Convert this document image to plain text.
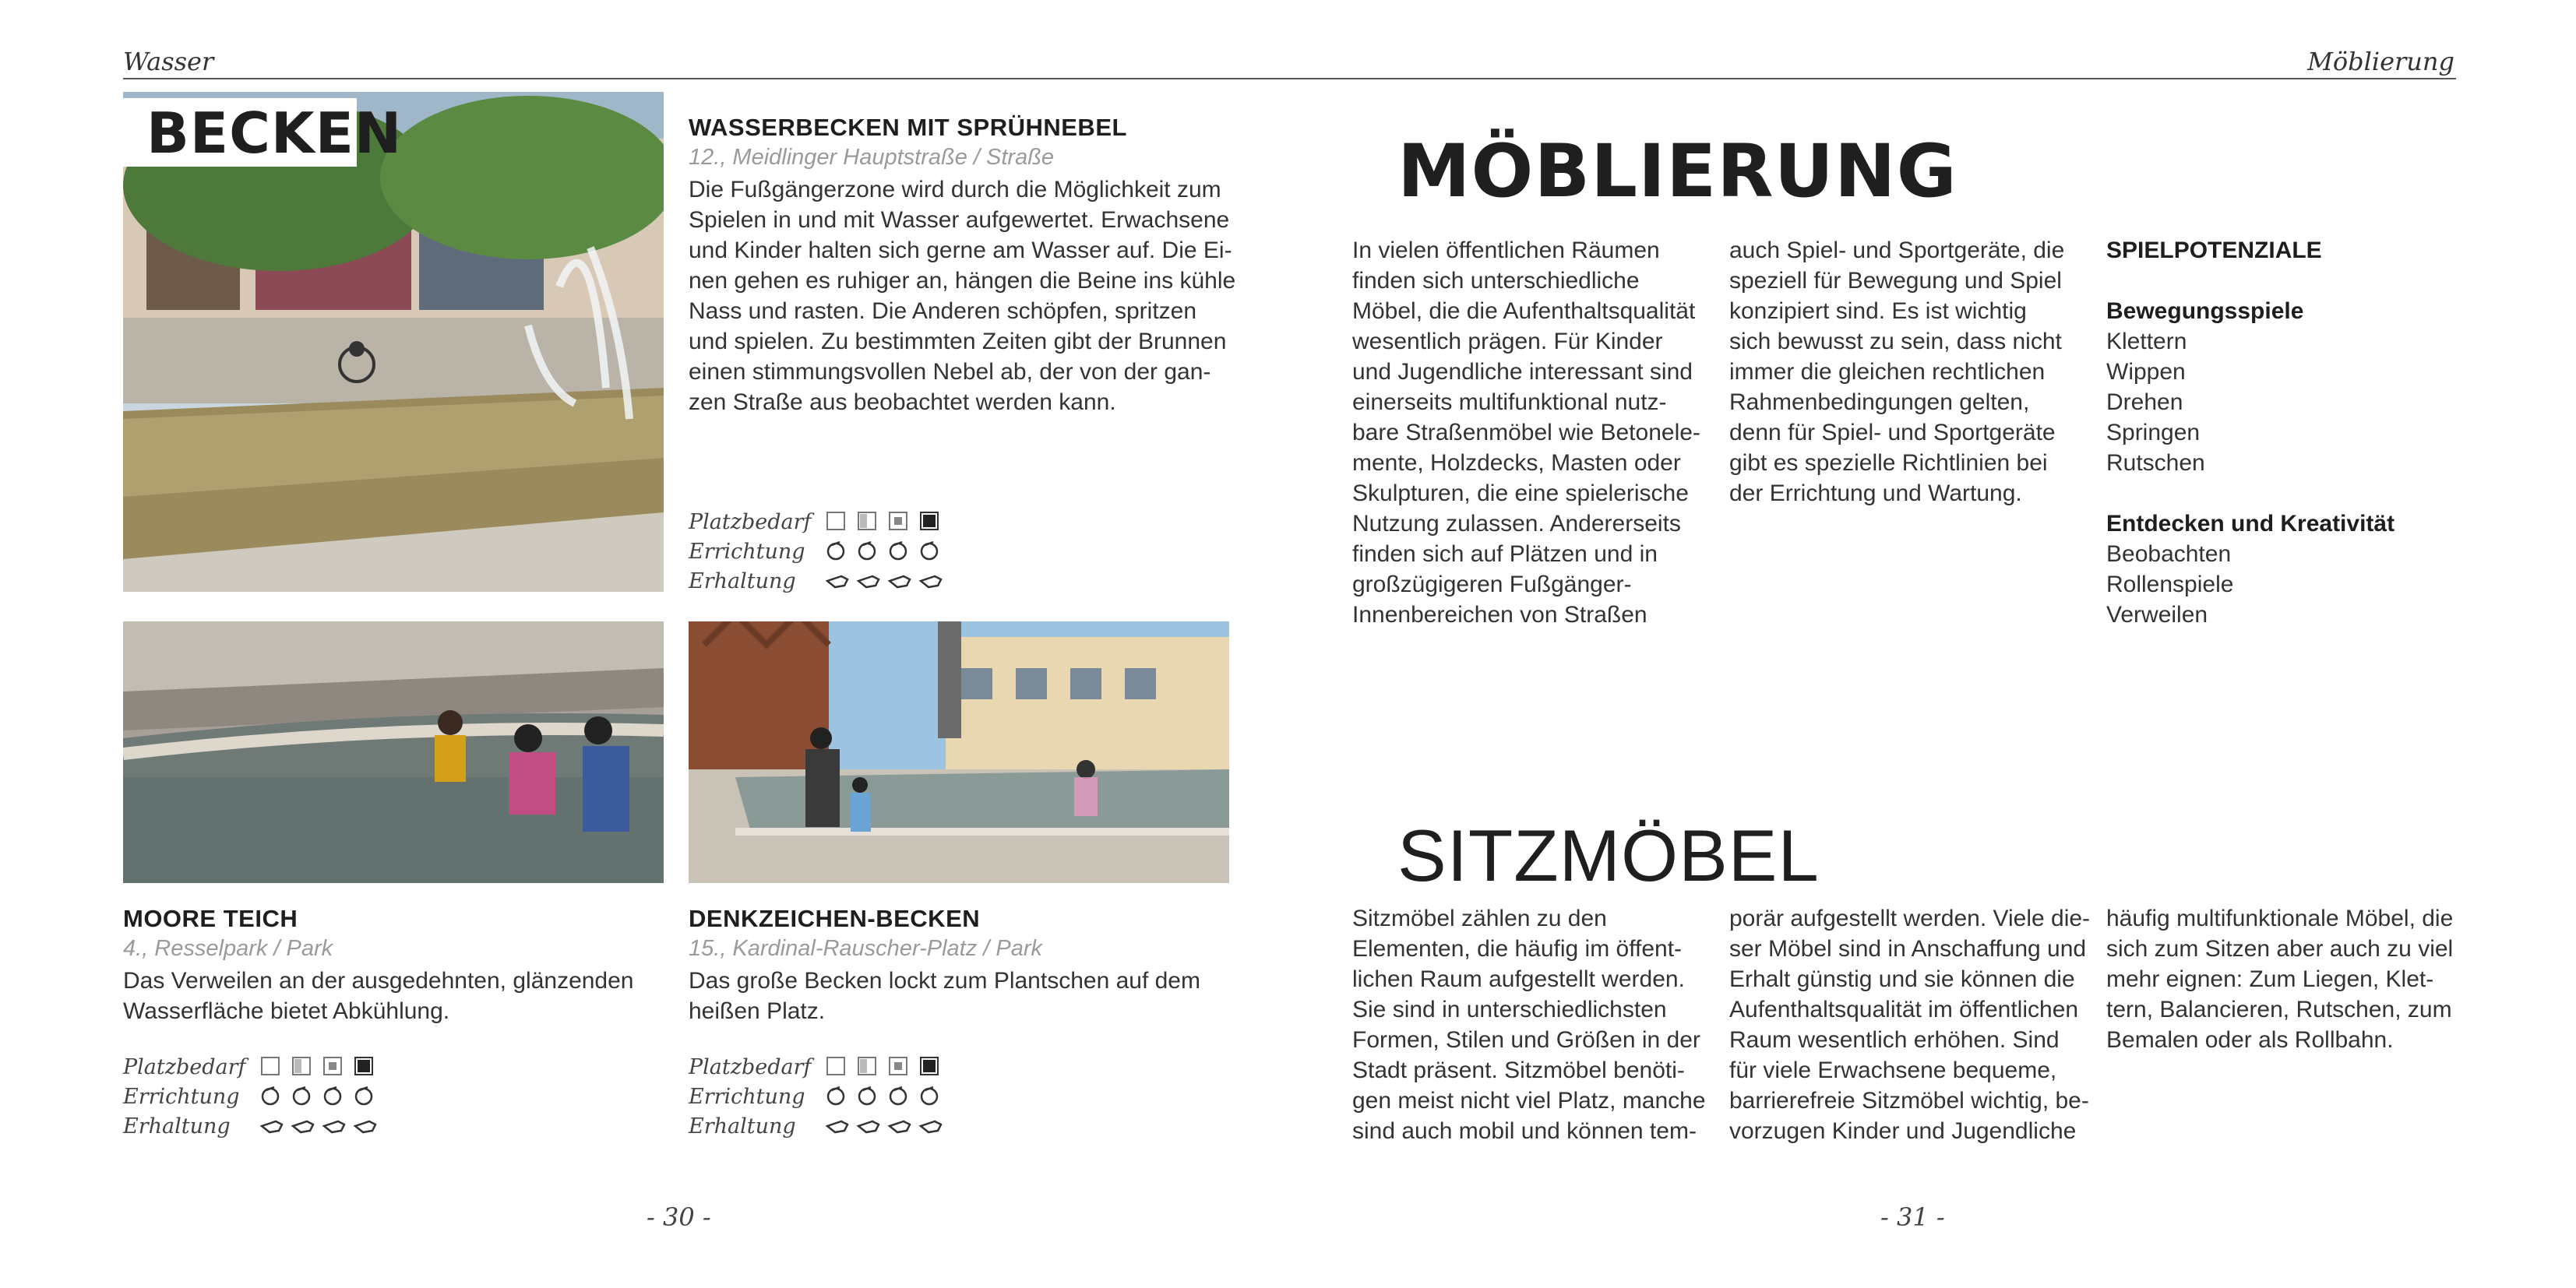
Wasser	Möblierung
BECKEN	WASSERBECKEN MIT SPRÜHNEBEL
12., Meidlinger Hauptstraße / Straße
Die Fußgängerzone wird durch die Möglichkeit zum
Spielen in und mit Wasser aufgewertet. Erwachsene
und Kinder halten sich gerne am Wasser auf. Die Ei-
nen gehen es ruhiger an, hängen die Beine ins kühle
Nass und rasten. Die Anderen schöpfen, spritzen
und spielen. Zu bestimmten Zeiten gibt der Brunnen
einen stimmungsvollen Nebel ab, der von der gan-
zen Straße aus beobachtet werden kann.
Platzbedarf
Errichtung
Erhaltung
MOORE TEICH
4., Resselpark / Park
Das Verweilen an der ausgedehnten, glänzenden
Wasserfläche bietet Abkühlung.
Platzbedarf
Errichtung
Erhaltung
DENKZEICHEN-BECKEN
15., Kardinal-Rauscher-Platz / Park
Das große Becken lockt zum Plantschen auf dem
heißen Platz.
Platzbedarf
Errichtung
Erhaltung
- 30 -
MÖBLIERUNG
In vielen öffentlichen Räumen
finden sich unterschiedliche
Möbel, die die Aufenthaltsqualität
wesentlich prägen. Für Kinder
und Jugendliche interessant sind
einerseits multifunktional nutz-
bare Straßenmöbel wie Betonele-
mente, Holzdecks, Masten oder
Skulpturen, die eine spielerische
Nutzung zulassen. Andererseits
finden sich auf Plätzen und in
großzügigeren Fußgänger-
Innenbereichen von Straßen
auch Spiel- und Sportgeräte, die
speziell für Bewegung und Spiel
konzipiert sind. Es ist wichtig
sich bewusst zu sein, dass nicht
immer die gleichen rechtlichen
Rahmenbedingungen gelten,
denn für Spiel- und Sportgeräte
gibt es spezielle Richtlinien bei
der Errichtung und Wartung.
SPIELPOTENZIALE
Bewegungsspiele
Klettern
Wippen
Drehen
Springen
Rutschen
Entdecken und Kreativität
Beobachten
Rollenspiele
Verweilen
SITZMÖBEL
Sitzmöbel zählen zu den
Elementen, die häufig im öffent-
lichen Raum aufgestellt werden.
Sie sind in unterschiedlichsten
Formen, Stilen und Größen in der
Stadt präsent. Sitzmöbel benöti-
gen meist nicht viel Platz, manche
sind auch mobil und können tem-
porär aufgestellt werden. Viele die-
ser Möbel sind in Anschaffung und
Erhalt günstig und sie können die
Aufenthaltsqualität im öffentlichen
Raum wesentlich erhöhen. Sind
für viele Erwachsene bequeme,
barrierefreie Sitzmöbel wichtig, be-
vorzugen Kinder und Jugendliche
häufig multifunktionale Möbel, die
sich zum Sitzen aber auch zu viel
mehr eignen: Zum Liegen, Klet-
tern, Balancieren, Rutschen, zum
Bemalen oder als Rollbahn.
- 31 -
